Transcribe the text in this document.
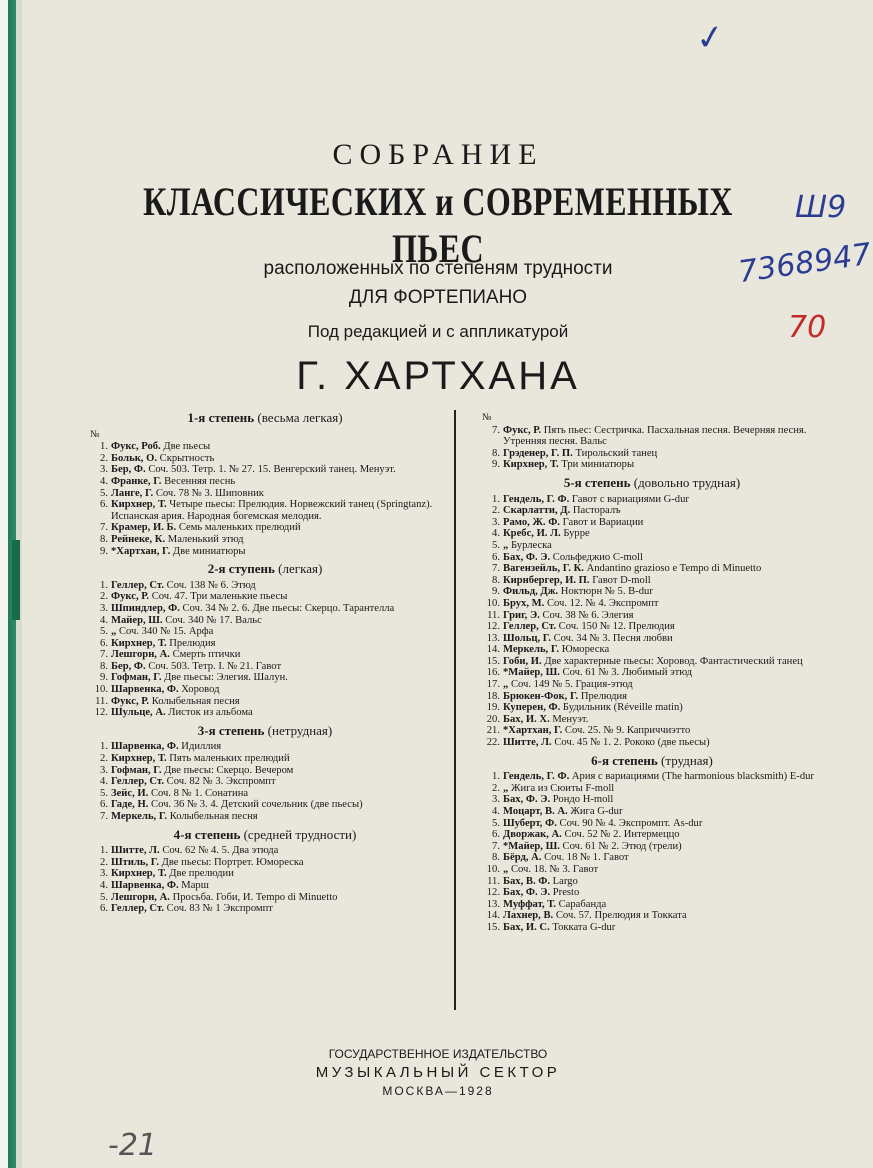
СОБРАНИЕ
КЛАССИЧЕСКИХ и СОВРЕМЕННЫХ ПЬЕС
расположенных по степеням трудности
ДЛЯ ФОРТЕПИАНО
Под редакцией и с аппликатурой
Г. ХАРТХАНА
1-я степень (весьма легкая)
№
1. Фукс, Роб. Две пьесы
2. Больк, О. Скрытность
3. Бер, Ф. Соч. 503. Тетр. 1. № 27. 15. Венгерский танец. Менуэт.
4. Франке, Г. Весенняя песнь
5. Ланге, Г. Соч. 78 № 3. Шиповник
6. Кирхнер, Т. Четыре пьесы: Прелюдия. Норвежский танец (Springtanz). Испанская ария. Народная богемская мелодия.
7. Крамер, И. Б. Семь маленьких прелюдий
8. Рейнеке, К. Маленький этюд
9. *Хартхан, Г. Две миниатюры
2-я ступень (легкая)
1. Геллер, Ст. Соч. 138 № 6. Этюд
2. Фукс, Р. Соч. 47. Три маленькие пьесы
3. Шпиндлер, Ф. Соч. 34 № 2. 6. Две пьесы: Скерцо. Тарантелла
4. Майер, Ш. Соч. 340 № 17. Вальс
5. „ Соч. 340 № 15. Арфа
6. Кирхнер, Т. Прелюдия
7. Лешгорн, А. Смерть птички
8. Бер, Ф. Соч. 503. Тетр. I. № 21. Гавот
9. Гофман, Г. Две пьесы: Элегия. Шалун.
10. Шарвенка, Ф. Хоровод
11. Фукс, Р. Колыбельная песня
12. Шульце, А. Листок из альбома
3-я степень (нетрудная)
1. Шарвенка, Ф. Идиллия
2. Кирхнер, Т. Пять маленьких прелюдий
3. Гофман, Г. Две пьесы: Скерцо. Вечером
4. Геллер, Ст. Соч. 82 № 3. Экспромпт
5. Зейс, И. Соч. 8 № 1. Сонатина
6. Гаде, Н. Соч. 36 № 3. 4. Детский сочельник (две пьесы)
7. Меркель, Г. Колыбельная песня
4-я степень (средней трудности)
1. Шитте, Л. Соч. 62 № 4. 5. Два этюда
2. Штиль, Г. Две пьесы: Портрет. Юмореска
3. Кирхнер, Т. Две прелюдии
4. Шарвенка, Ф. Марш
5. Лешгорн, А. Просьба. Гоби, И. Tempo di Minuetto
6. Геллер, Ст. Соч. 83 № 1 Экспромпт
№
7. Фукс, Р. Пять пьес: Сестричка. Пасхальная песня. Вечерняя песня. Утренняя песня. Вальс
8. Грэденер, Г. П. Тирольский танец
9. Кирхнер, Т. Три миниатюры
5-я степень (довольно трудная)
1. Гендель, Г. Ф. Гавот с вариациями G-dur
2. Скарлатти, Д. Пасторалъ
3. Рамо, Ж. Ф. Гавот и Вариации
4. Кребс, И. Л. Бурре
5. „ Бурлеска
6. Бах, Ф. Э. Сольфеджио C-moll
7. Вагензейль, Г. К. Andantino grazioso e Tempo di Minuetto
8. Кирнбергер, И. П. Гавот D-moll
9. Фильд, Дж. Ноктюрн № 5. B-dur
10. Брух, М. Соч. 12. № 4. Экспромпт
11. Григ, Э. Соч. 38 № 6. Элегия
12. Геллер, Ст. Соч. 150 № 12. Прелюдия
13. Шольц, Г. Соч. 34 № 3. Песня любви
14. Меркель, Г. Юмореска
15. Гоби, И. Две характерные пьесы: Хоровод. Фантастический танец
16. *Майер, Ш. Соч. 61 № 3. Любимый этюд
17. „ Соч. 149 № 5. Грация-этюд
18. Брюкен-Фок, Г. Прелюдия
19. Куперен, Ф. Будильник (Réveille matin)
20. Бах, И. Х. Менуэт.
21. *Хартхан, Г. Соч. 25. № 9. Каприччиэтто
22. Шитте, Л. Соч. 45 № 1. 2. Рококо (две пьесы)
6-я степень (трудная)
1. Гендель, Г. Ф. Ария с вариациями (The harmonious blacksmith) E-dur
2. „ Жига из Сюиты F-moll
3. Бах, Ф. Э. Рондо H-moll
4. Моцарт, В. А. Жига G-dur
5. Шуберт, Ф. Соч. 90 № 4. Экспромпт. As-dur
6. Дворжак, А. Соч. 52 № 2. Интермеццо
7. *Майер, Ш. Соч. 61 № 2. Этюд (трели)
8. Бёрд, А. Соч. 18 № 1. Гавот
10. „ Соч. 18. № 3. Гавот
11. Бах, В. Ф. Largo
12. Бах, Ф. Э. Presto
13. Муффат, Т. Сарабанда
14. Лахнер, В. Соч. 57. Прелюдия и Токката
15. Бах, И. С. Токката G-dur
ГОСУДАРСТВЕННОЕ ИЗДАТЕЛЬСТВО
МУЗЫКАЛЬНЫЙ СЕКТОР
МОСКВА—1928
✓
Ш9
7368947
70
-21
